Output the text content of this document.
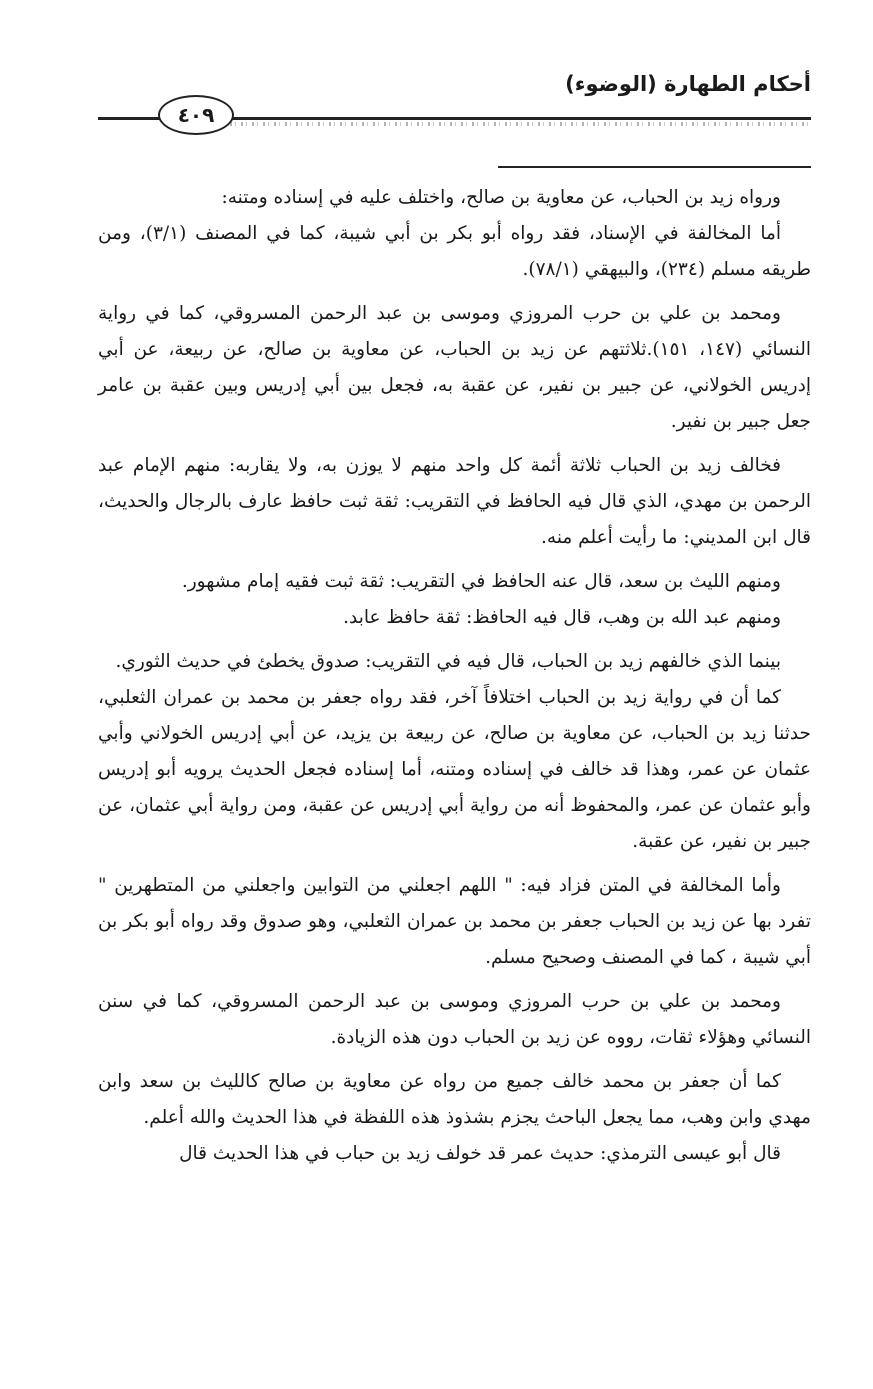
أحكام الطهارة (الوضوء)
٤٠٩

ورواه زيد بن الحباب، عن معاوية بن صالح، واختلف عليه في إسناده ومتنه:

أما المخالفة في الإسناد، فقد رواه أبو بكر بن أبي شيبة، كما في المصنف (٣/١)، ومن طريقه مسلم (٢٣٤)، والبيهقي (٧٨/١).

ومحمد بن علي بن حرب المروزي وموسى بن عبد الرحمن المسروقي، كما في رواية النسائي (١٤٧، ١٥١).ثلاثتهم عن زيد بن الحباب، عن معاوية بن صالح، عن ربيعة، عن أبي إدريس الخولاني، عن جبير بن نفير، عن عقبة به، فجعل بين أبي إدريس وبين عقبة بن عامر جعل جبير بن نفير.

فخالف زيد بن الحباب ثلاثة أئمة كل واحد منهم لا يوزن به، ولا يقاربه: منهم الإمام عبد الرحمن بن مهدي، الذي قال فيه الحافظ في التقريب: ثقة ثبت حافظ عارف بالرجال والحديث، قال ابن المديني: ما رأيت أعلم منه.

ومنهم الليث بن سعد، قال عنه الحافظ في التقريب: ثقة ثبت فقيه إمام مشهور.

ومنهم عبد الله بن وهب، قال فيه الحافظ: ثقة حافظ عابد.

بينما الذي خالفهم زيد بن الحباب، قال فيه في التقريب: صدوق يخطئ في حديث الثوري.

كما أن في رواية زيد بن الحباب اختلافاً آخر، فقد رواه جعفر بن محمد بن عمران الثعلبي، حدثنا زيد بن الحباب، عن معاوية بن صالح، عن ربيعة بن يزيد، عن أبي إدريس الخولاني وأبي عثمان عن عمر، وهذا قد خالف في إسناده ومتنه، أما إسناده فجعل الحديث يرويه أبو إدريس وأبو عثمان عن عمر، والمحفوظ أنه من رواية أبي إدريس عن عقبة، ومن رواية أبي عثمان، عن جبير بن نفير، عن عقبة.

وأما المخالفة في المتن فزاد فيه: " اللهم اجعلني من التوابين واجعلني من المتطهرين " تفرد بها عن زيد بن الحباب جعفر بن محمد بن عمران الثعلبي، وهو صدوق وقد رواه أبو بكر بن أبي شيبة ، كما في المصنف وصحيح مسلم.

ومحمد بن علي بن حرب المروزي وموسى بن عبد الرحمن المسروقي، كما في سنن النسائي وهؤلاء ثقات، رووه عن زيد بن الحباب دون هذه الزيادة.

كما أن جعفر بن محمد خالف جميع من رواه عن معاوية بن صالح كالليث بن سعد وابن مهدي وابن وهب، مما يجعل الباحث يجزم بشذوذ هذه اللفظة في هذا الحديث والله أعلم.

قال أبو عيسى الترمذي: حديث عمر قد خولف زيد بن حباب في هذا الحديث قال
